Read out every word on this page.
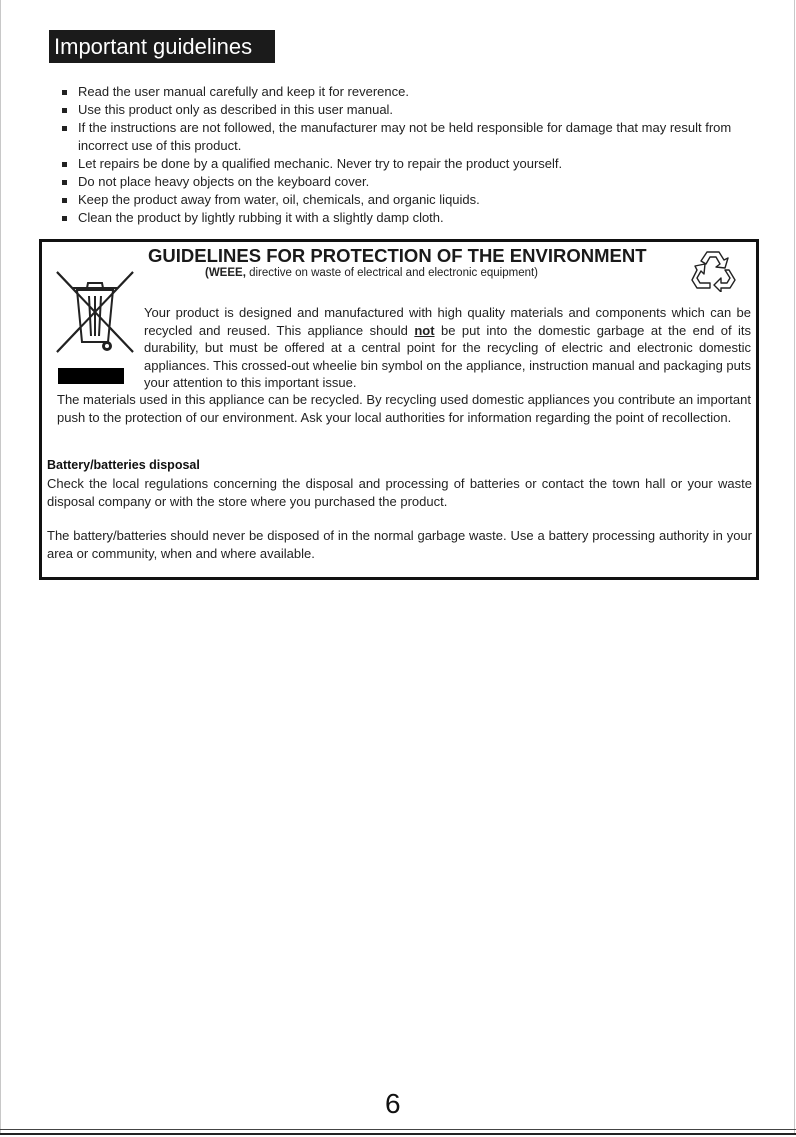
Important guidelines
Read the user manual carefully and keep it for reverence.
Use this product only as described in this user manual.
If the instructions are not followed, the manufacturer may not be held responsible for damage that may result from incorrect use of this product.
Let repairs be done by a qualified mechanic. Never try to repair the product yourself.
Do not place heavy objects on the keyboard cover.
Keep the product away from water, oil, chemicals, and organic liquids.
Clean the product by lightly rubbing it with a slightly damp cloth.
GUIDELINES FOR PROTECTION OF THE ENVIRONMENT
(WEEE, directive on waste of electrical and electronic equipment)

Your product is designed and manufactured with high quality materials and components which can be recycled and reused. This appliance should not be put into the domestic garbage at the end of its durability, but must be offered at a central point for the recycling of electric and electronic domestic appliances. This crossed-out wheelie bin symbol on the appliance, instruction manual and packaging puts your attention to this important issue.

The materials used in this appliance can be recycled. By recycling used domestic appliances you contribute an important push to the protection of our environment. Ask your local authorities for information regarding the point of recollection.

Battery/batteries disposal

Check the local regulations concerning the disposal and processing of batteries or contact the town hall or your waste disposal company or with the store where you purchased the product.

The battery/batteries should never be disposed of in the normal garbage waste. Use a battery processing authority in your area or community, when and where available.

6
